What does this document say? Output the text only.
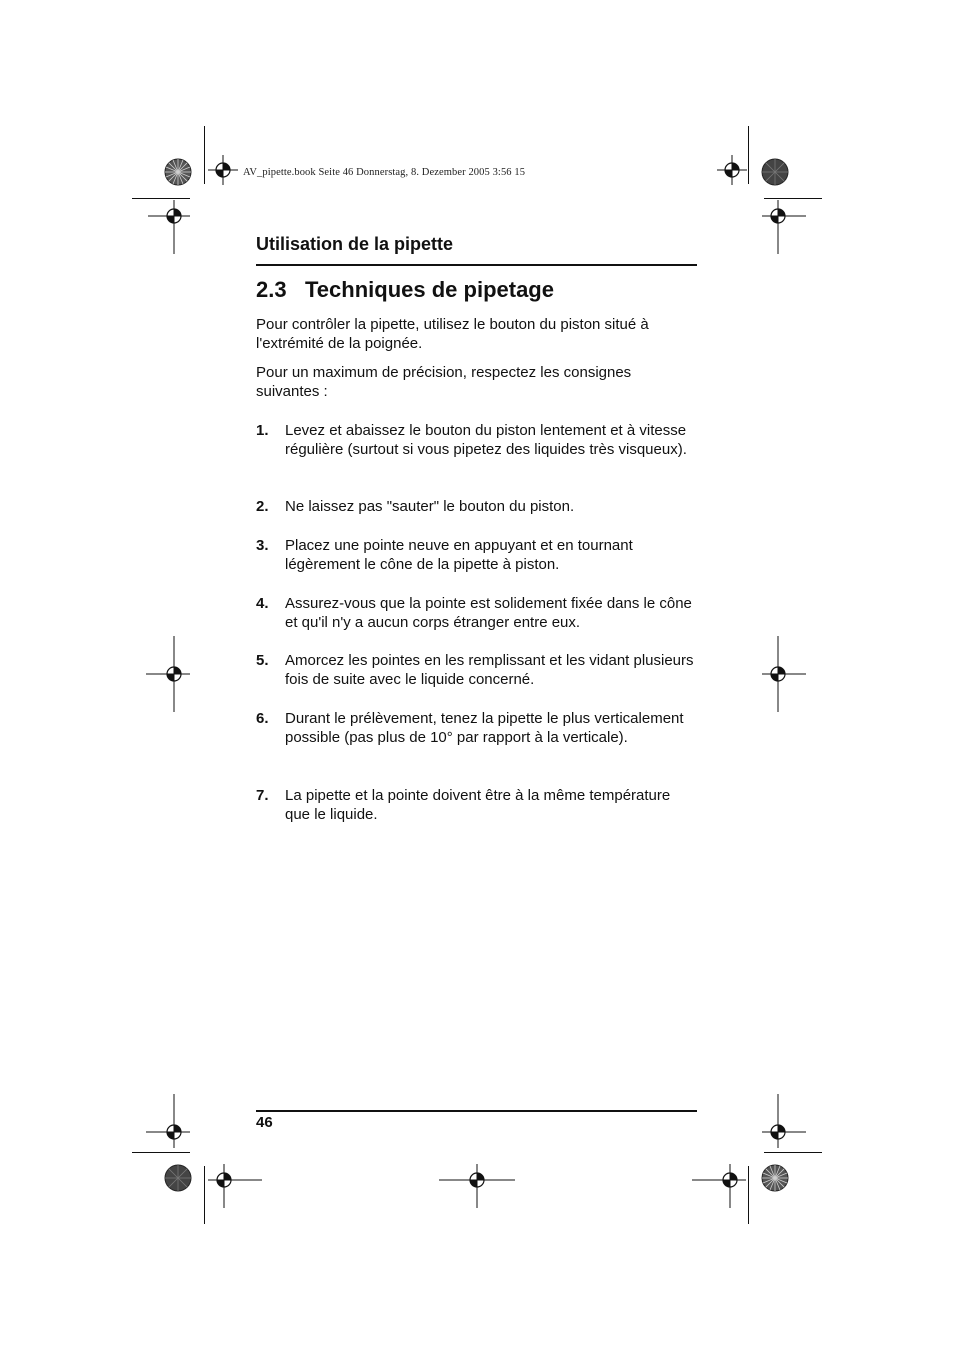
AV_pipette.book Seite 46 Donnerstag, 8. Dezember 2005 3:56 15
Utilisation de la pipette
2.3 Techniques de pipetage
Pour contrôler la pipette, utilisez le bouton du piston situé à l'extrémité de la poignée.
Pour un maximum de précision, respectez les consignes suivantes :
1. Levez et abaissez le bouton du piston lentement et à vitesse régulière (surtout si vous pipetez des liquides très visqueux).
2. Ne laissez pas "sauter" le bouton du piston.
3. Placez une pointe neuve en appuyant et en tournant légèrement le cône de la pipette à piston.
4. Assurez-vous que la pointe est solidement fixée dans le cône et qu'il n'y a aucun corps étranger entre eux.
5. Amorcez les pointes en les remplissant et les vidant plusieurs fois de suite avec le liquide concerné.
6. Durant le prélèvement, tenez la pipette le plus verticalement possible (pas plus de 10° par rapport à la verticale).
7. La pipette et la pointe doivent être à la même température que le liquide.
46
